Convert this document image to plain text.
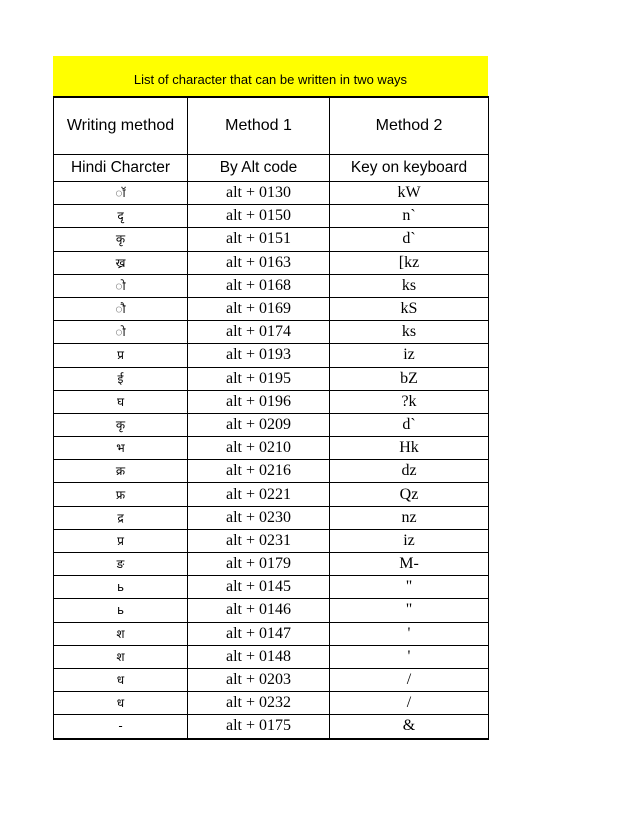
List of character that can be written in two ways
Writing method	Method 1	Method 2
Hindi Charcter	By Alt code	Key on keyboard
ॉ	alt + 0130	kW
दृ	alt + 0150	n`
कृ	alt + 0151	d`
ख्र	alt + 0163	[kz
ो	alt + 0168	ks
ौ	alt + 0169	kS
ो	alt + 0174	ks
प्र	alt + 0193	iz
ई	alt + 0195	bZ
घ	alt + 0196	?k
कृ	alt + 0209	d`
भ	alt + 0210	Hk
क्र	alt + 0216	dz
फ्र	alt + 0221	Qz
द्र	alt + 0230	nz
प्र	alt + 0231	iz
ङ	alt + 0179	M-
ь	alt + 0145	"
ь	alt + 0146	"
श	alt + 0147	'
श	alt + 0148	'
ध	alt + 0203	/
ध	alt + 0232	/
-	alt + 0175	&
